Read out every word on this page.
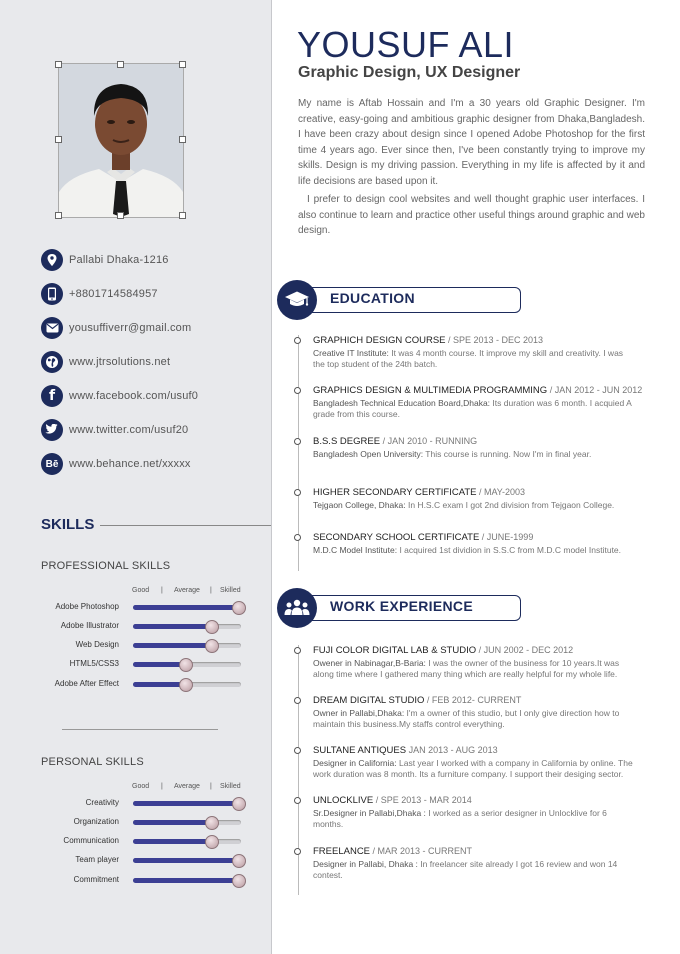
Pallabi Dhaka-1216
+8801714584957
yousuffiverr@gmail.com
www.jtrsolutions.net
f	www.facebook.com/usuf0
www.twitter.com/usuf20
Bē www.behance.net/xxxxx
SKILLS
PROFESSIONAL SKILLS
Good | Average | Skilled
Adobe Photoshop
Adobe Illustrator
Web Design
HTML5/CSS3
Adobe After Effect
PERSONAL SKILLS
Good | Average | Skilled
Creativity
Organization
Communication
Team player
Commitment
YOUSUF ALI
Graphic Design, UX Designer

My name is Aftab Hossain and I'm a 30 years old Graphic Designer. I'm creative, easy-going and ambitious graphic designer from Dhaka,Bangladesh. I have been crazy about design since I opened Adobe Photoshop for the first time 4 years ago. Ever since then, I've been constantly trying to improve my skills. Design is my driving passion. Everything in my life is affected by it and life decisions are based upon it.

I prefer to design cool websites and well thought graphic user interfaces. I also continue to learn and practice other useful things around graphic and web design.

EDUCATION
GRAPHICH DESIGN COURSE / SPE 2013 - DEC 2013
Creative IT Institute: It was 4 month course. It improve my skill and creativity. I was the top student of the 24th batch.
GRAPHICS DESIGN & MULTIMEDIA PROGRAMMING / JAN 2012 - JUN 2012
Bangladesh Technical Education Board,Dhaka: Its duration was 6 month. I acquied A grade from this course.
B.S.S DEGREE / JAN 2010 - RUNNING
Bangladesh Open University: This course is running. Now I'm in final year.
HIGHER SECONDARY CERTIFICATE / MAY-2003
Tejgaon College, Dhaka: In H.S.C exam I got 2nd division from Tejgaon College.
SECONDARY SCHOOL CERTIFICATE / JUNE-1999
M.D.C Model Institute: I acquired 1st dividion in S.S.C from M.D.C model Institute.
WORK EXPERIENCE
FUJI COLOR DIGITAL LAB & STUDIO / JUN 2002 - DEC 2012
Owener in Nabinagar,B-Baria: I was the owner of the business for 10 years.It was along time where I gathered many thing which are really helpful for my whole life.
DREAM DIGITAL STUDIO / FEB 2012- CURRENT
Owner in Pallabi,Dhaka: I'm a owner of this studio, but I only give direction how to maintain this business.My staffs control everything.
SULTANE ANTIQUES JAN 2013 - AUG 2013
Designer in California: Last year I worked with a company in California by online. The work duration was 8 month. Its a furniture company. I support their desiging sector.
UNLOCKLIVE / SPE 2013 - MAR 2014
Sr.Designer in Pallabi,Dhaka : I worked as a serior designer in Unlocklive for 6 months.
FREELANCE / MAR 2013 - CURRENT
Designer in Pallabi, Dhaka : In freelancer site already I got 16 review and won 14 contest.
